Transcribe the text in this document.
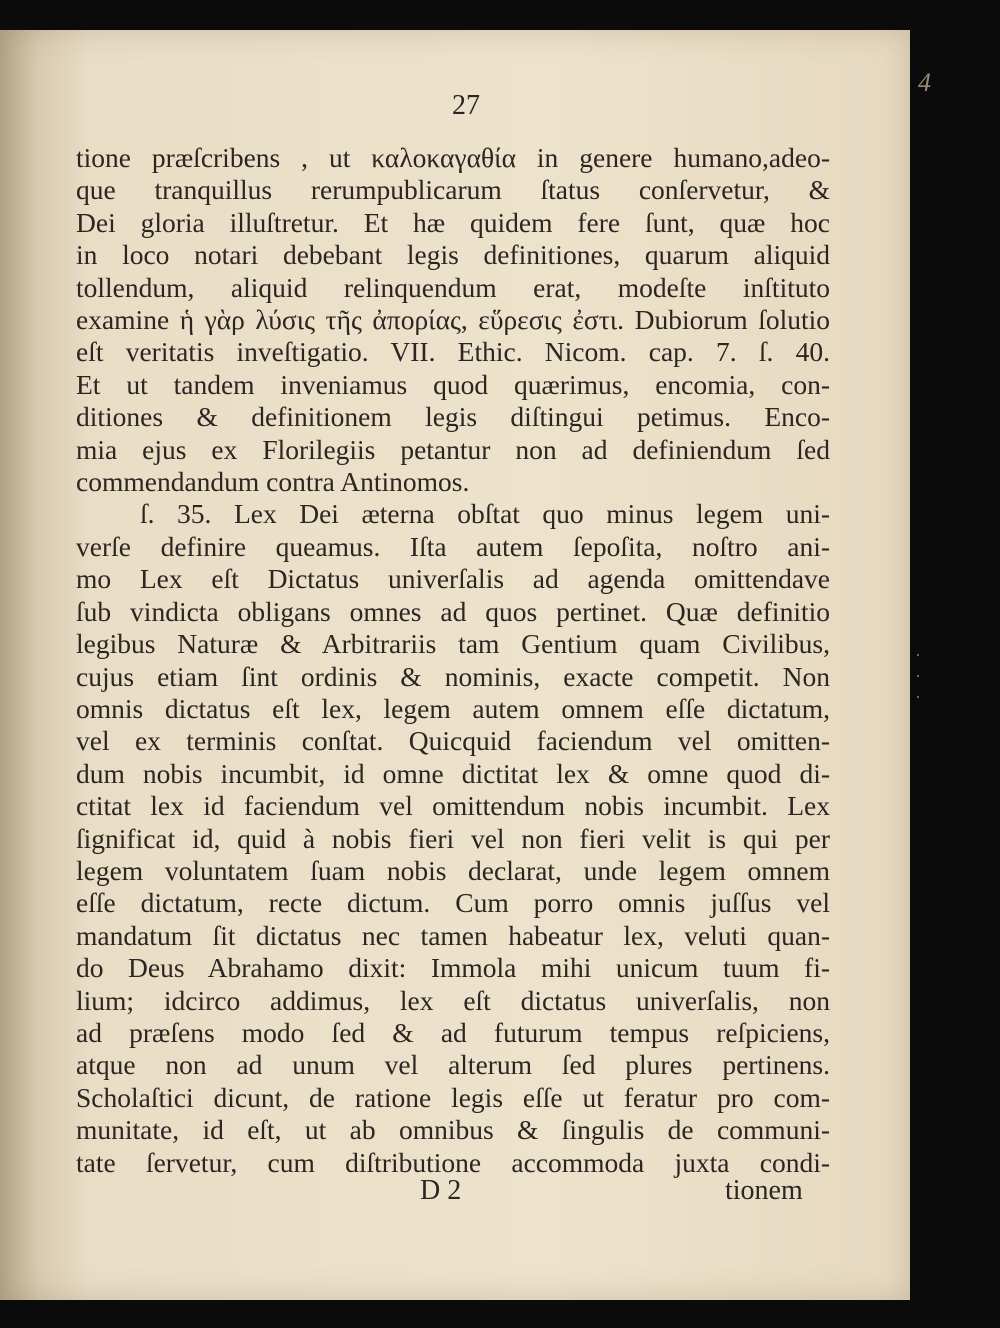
27
4
· · ·
tione præſcribens , ut καλοκαγαθία in genere humano,adeo-
que tranquillus rerumpublicarum ſtatus conſervetur, &
Dei gloria illuſtretur. Et hæ quidem fere ſunt, quæ hoc
in loco notari debebant legis definitiones, quarum aliquid
tollendum, aliquid relinquendum erat, modeſte inſtituto
examine ἡ γὰρ λύσις τῆς ἀπορίας, εὕρεσις ἐστι. Dubiorum ſolutio
eſt veritatis inveſtigatio. VII. Ethic. Nicom. cap. 7. ſ. 40.
Et ut tandem inveniamus quod quærimus, encomia, con-
ditiones & definitionem legis diſtingui petimus. Enco-
mia ejus ex Florilegiis petantur non ad definiendum ſed
commendandum contra Antinomos.
ſ. 35. Lex Dei æterna obſtat quo minus legem uni-
verſe definire queamus. Iſta autem ſepoſita, noſtro ani-
mo Lex eſt Dictatus univerſalis ad agenda omittendave
ſub vindicta obligans omnes ad quos pertinet. Quæ definitio
legibus Naturæ & Arbitrariis tam Gentium quam Civilibus,
cujus etiam ſint ordinis & nominis, exacte competit. Non
omnis dictatus eſt lex, legem autem omnem eſſe dictatum,
vel ex terminis conſtat. Quicquid faciendum vel omitten-
dum nobis incumbit, id omne dictitat lex & omne quod di-
ctitat lex id faciendum vel omittendum nobis incumbit. Lex
ſignificat id, quid à nobis fieri vel non fieri velit is qui per
legem voluntatem ſuam nobis declarat, unde legem omnem
eſſe dictatum, recte dictum. Cum porro omnis juſſus vel
mandatum ſit dictatus nec tamen habeatur lex, veluti quan-
do Deus Abrahamo dixit: Immola mihi unicum tuum fi-
lium; idcirco addimus, lex eſt dictatus univerſalis, non
ad præſens modo ſed & ad futurum tempus reſpiciens,
atque non ad unum vel alterum ſed plures pertinens.
Scholaſtici dicunt, de ratione legis eſſe ut feratur pro com-
munitate, id eſt, ut ab omnibus & ſingulis de communi-
tate ſervetur, cum diſtributione accommoda juxta condi-
D 2	tionem
